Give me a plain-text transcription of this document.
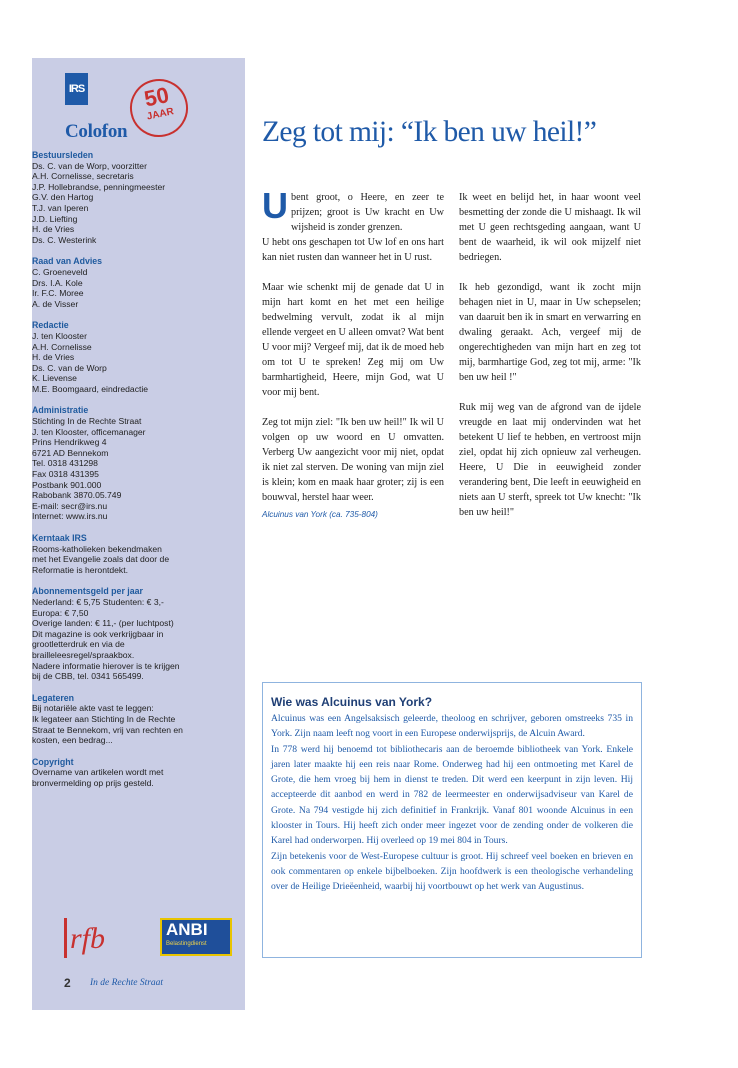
IRS	50
JAAR
Colofon
Bestuursleden
Ds. C. van de Worp, voorzitter
A.H. Cornelisse, secretaris
J.P. Hollebrandse, penningmeester
G.V. den Hartog
T.J. van Iperen
J.D. Liefting
H. de Vries
Ds. C. Westerink
Raad van Advies
C. Groeneveld
Drs. I.A. Kole
Ir. F.C. Moree
A. de Visser
Redactie
J. ten Klooster
A.H. Cornelisse
H. de Vries
Ds. C. van de Worp
K. Lievense
M.E. Boomgaard, eindredactie
Administratie
Stichting In de Rechte Straat
J. ten Klooster, officemanager
Prins Hendrikweg 4
6721 AD Bennekom
Tel. 0318 431298
Fax 0318 431395
Postbank 901.000
Rabobank 3870.05.749
E-mail: secr@irs.nu
Internet: www.irs.nu
Kerntaak IRS
Rooms-katholieken bekendmaken
met het Evangelie zoals dat door de
Reformatie is herontdekt.
Abonnementsgeld per jaar
Nederland: € 5,75 Studenten: € 3,-
Europa: € 7,50
Overige landen: € 11,- (per luchtpost)
Dit magazine is ook verkrijgbaar in
grootletterdruk en via de
brailleleesregel/spraakbox.
Nadere informatie hierover is te krijgen
bij de CBB, tel. 0341 565499.
Legateren
Bij notariële akte vast te leggen:
Ik legateer aan Stichting In de Rechte
Straat te Bennekom, vrij van rechten en
kosten, een bedrag...
Copyright
Overname van artikelen wordt met
bronvermelding op prijs gesteld.
rfb	ANBI
Belastingdienst
2 In de Rechte Straat
Zeg tot mij: “Ik ben uw heil!”

Ubent groot, o Heere, en zeer te prijzen; groot is Uw kracht en Uw wijsheid is zonder grenzen.
U hebt ons geschapen tot Uw lof en ons hart kan niet rusten dan wanneer het in U rust.

Maar wie schenkt mij de genade dat U in mijn hart komt en het met een heilige bedwelming vervult, zodat ik al mijn ellende vergeet en U alleen omvat? Wat bent U voor mij? Vergeef mij, dat ik de moed heb om tot U te spreken! Zeg mij om Uw barmhartigheid, Heere, mijn God, wat U voor mij bent.

Zeg tot mijn ziel: "Ik ben uw heil!" Ik wil U volgen op uw woord en U omvatten. Verberg Uw aangezicht voor mij niet, opdat ik niet zal sterven. De woning van mijn ziel is klein; kom en maak haar groter; zij is een bouwval, herstel haar weer.

Alcuinus van York (ca. 735-804)

Ik weet en belijd het, in haar woont veel besmetting der zonde die U mishaagt. Ik wil met U geen rechtsgeding aangaan, want U bent de waarheid, ik wil ook mijzelf niet bedriegen.

Ik heb gezondigd, want ik zocht mijn behagen niet in U, maar in Uw schepselen; van daaruit ben ik in smart en verwarring en dwaling geraakt. Ach, vergeef mij de ongerechtigheden van mijn hart en zeg tot mij, barmhartige God, zeg tot mij, arme: "Ik ben uw heil !"

Ruk mij weg van de afgrond van de ijdele vreugde en laat mij ondervinden wat het betekent U lief te hebben, en vertroost mijn ziel, opdat hij zich opnieuw zal verheugen. Heere, U Die in eeuwigheid zonder verandering bent, Die leeft in eeuwigheid en niets aan U sterft, spreek tot Uw knecht: "Ik ben uw heil!"

Wie was Alcuinus van York?

Alcuinus was een Angelsaksisch geleerde, theoloog en schrijver, geboren omstreeks 735 in York. Zijn naam leeft nog voort in een Europese onderwijsprijs, de Alcuin Award.

In 778 werd hij benoemd tot bibliothecaris aan de beroemde bibliotheek van York. Enkele jaren later maakte hij een reis naar Rome. Onderweg had hij een ontmoeting met Karel de Grote, die hem vroeg bij hem in dienst te treden. Dit werd een keerpunt in zijn leven. Hij accepteerde dit aanbod en werd in 782 de leermeester en onderwijsadviseur van Karel de Grote. Na 794 vestigde hij zich definitief in Frankrijk. Vanaf 801 woonde Alcuinus in een klooster in Tours. Hij heeft zich onder meer ingezet voor de zending onder de volkeren die Karel had onderworpen. Hij overleed op 19 mei 804 in Tours.

Zijn betekenis voor de West-Europese cultuur is groot. Hij schreef veel boeken en brieven en ook commentaren op enkele bijbelboeken. Zijn hoofdwerk is een theologische verhandeling over de Heilige Drieëenheid, waarbij hij voortbouwt op het werk van Augustinus.
